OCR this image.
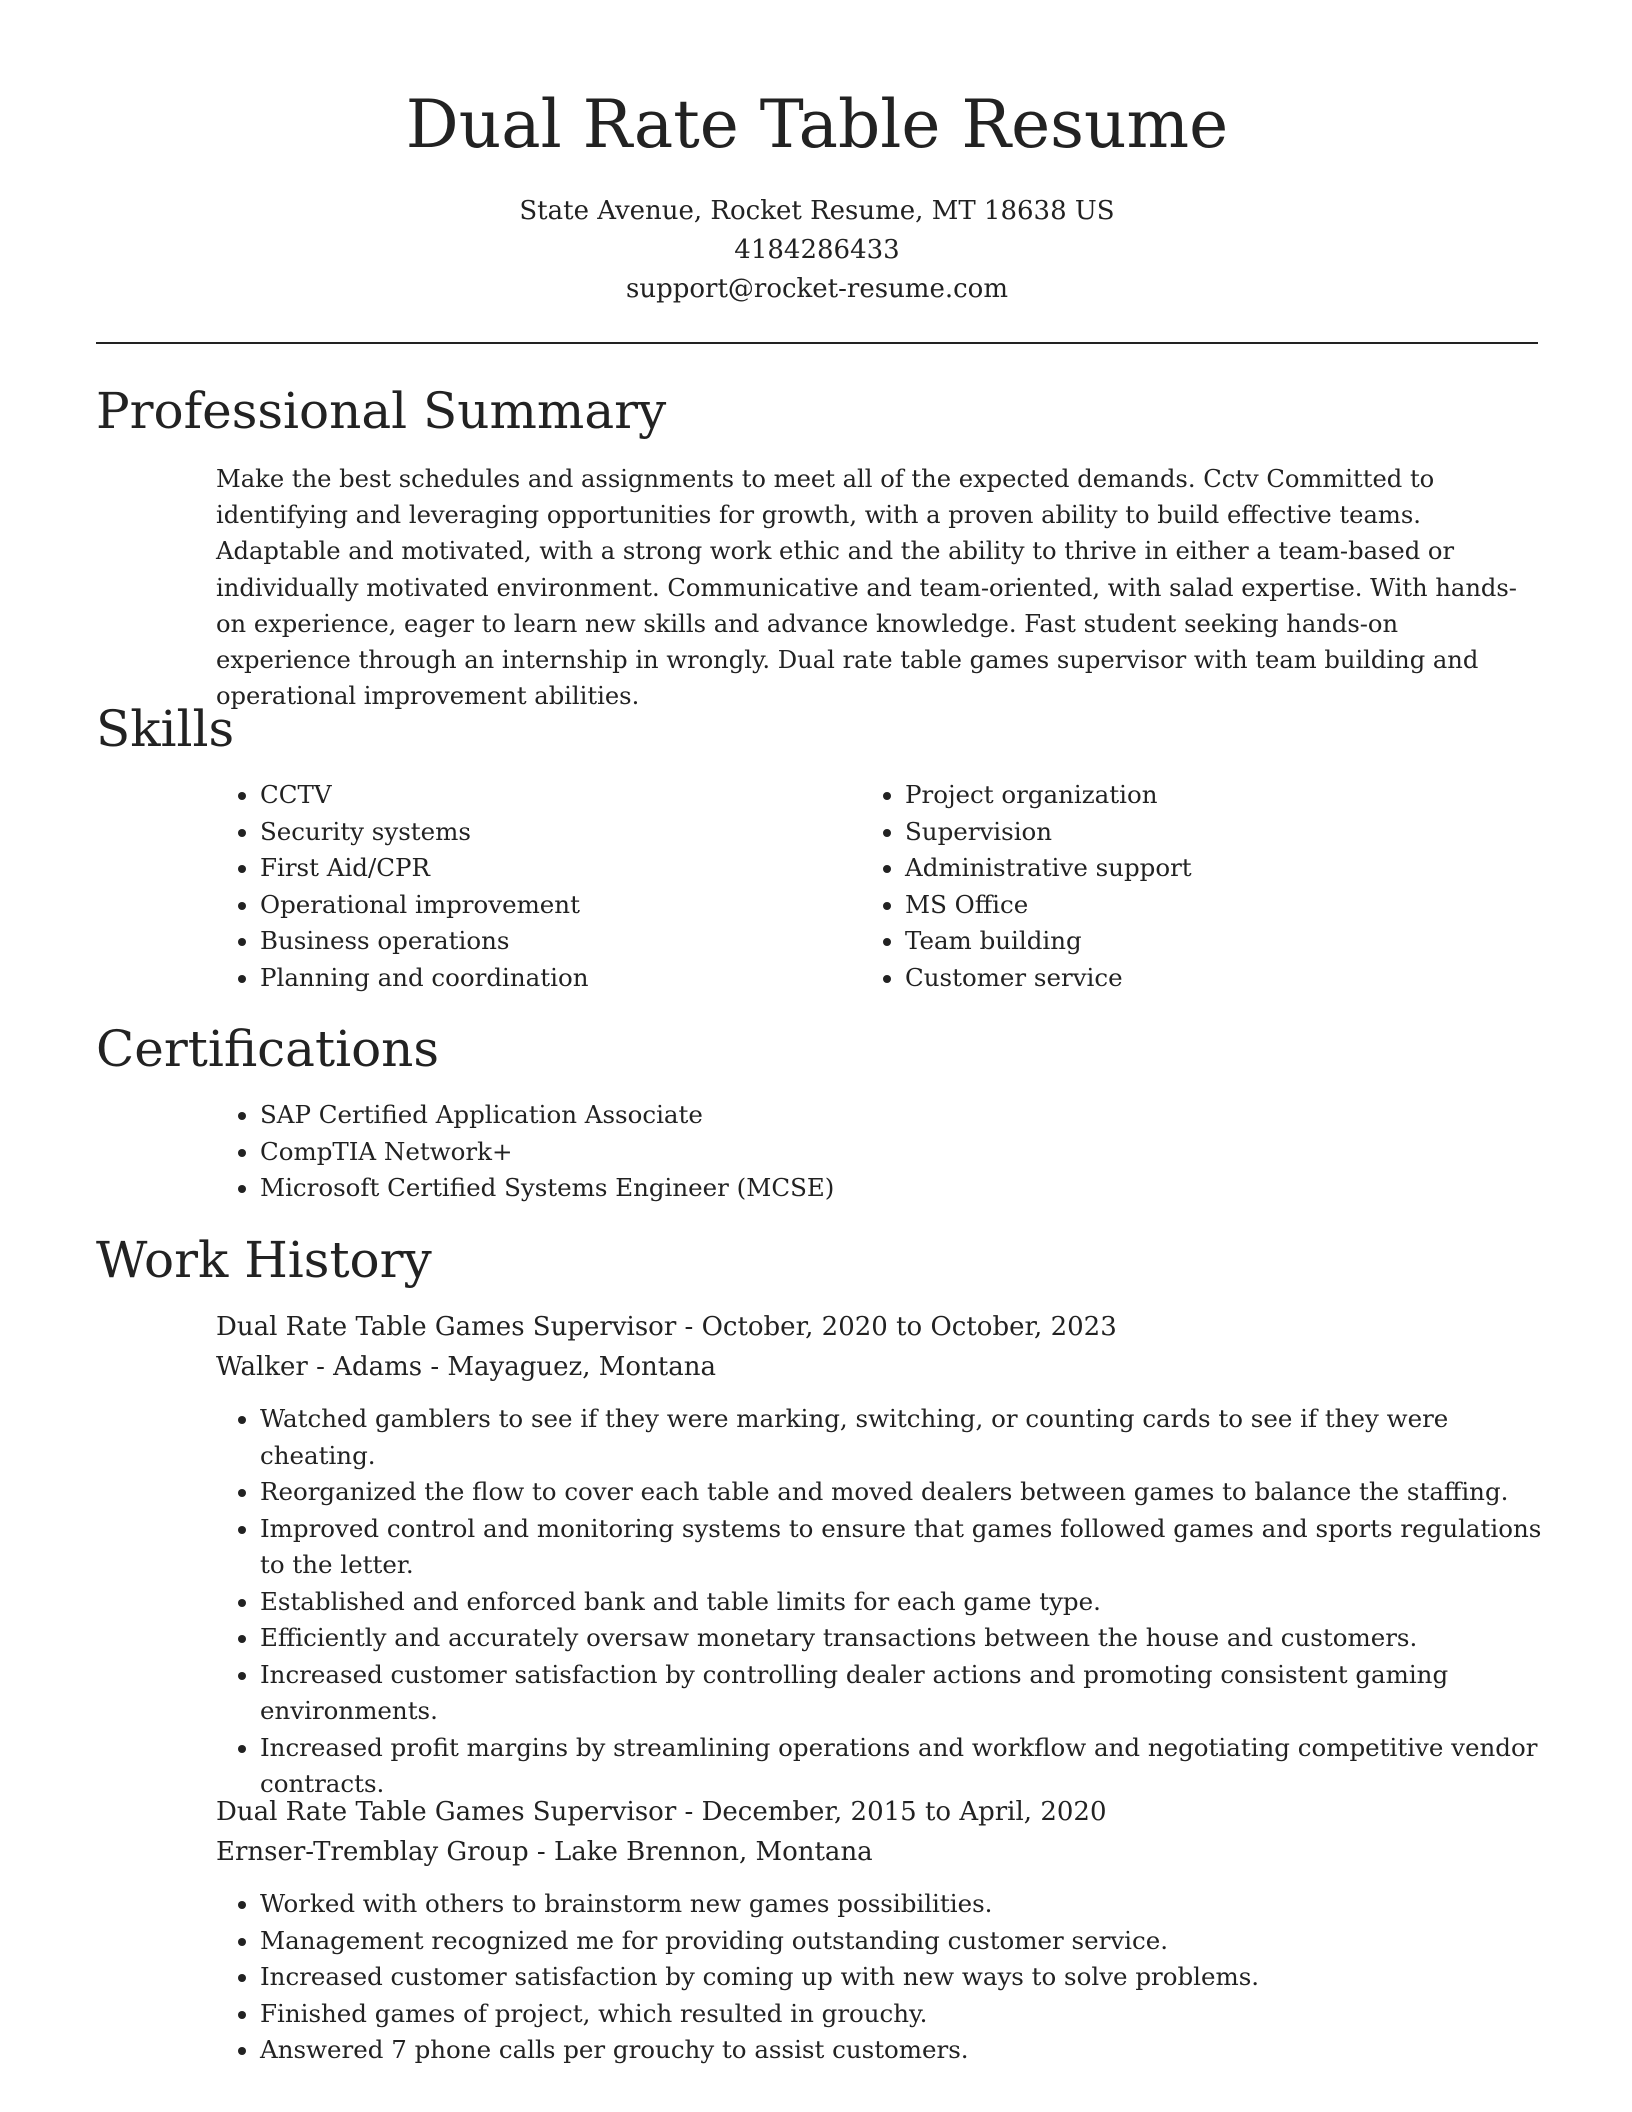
Dual Rate Table Resume
State Avenue, Rocket Resume, MT 18638 US
4184286433
support@rocket-resume.com
Professional Summary

Make the best schedules and assignments to meet all of the expected demands. Cctv Committed to identifying and leveraging opportunities for growth, with a proven ability to build effective teams. Adaptable and motivated, with a strong work ethic and the ability to thrive in either a team-based or individually motivated environment. Communicative and team-oriented, with salad expertise. With hands-on experience, eager to learn new skills and advance knowledge. Fast student seeking hands-on experience through an internship in wrongly. Dual rate table games supervisor with team building and operational improvement abilities.

Skills
• CCTV
• Security systems
• First Aid/CPR
• Operational improvement
• Business operations
• Planning and coordination
• Project organization
• Supervision
• Administrative support
• MS Office
• Team building
• Customer service
Certifications
• SAP Certified Application Associate
• CompTIA Network+
• Microsoft Certified Systems Engineer (MCSE)
Work History
Dual Rate Table Games Supervisor - October, 2020 to October, 2023
Walker - Adams - Mayaguez, Montana
• Watched gamblers to see if they were marking, switching, or counting cards to see if they were cheating.
• Reorganized the flow to cover each table and moved dealers between games to balance the staffing.
• Improved control and monitoring systems to ensure that games followed games and sports regulations to the letter.
• Established and enforced bank and table limits for each game type.
• Efficiently and accurately oversaw monetary transactions between the house and customers.
• Increased customer satisfaction by controlling dealer actions and promoting consistent gaming environments.
• Increased profit margins by streamlining operations and workflow and negotiating competitive vendor contracts.
Dual Rate Table Games Supervisor - December, 2015 to April, 2020
Ernser-Tremblay Group - Lake Brennon, Montana
• Worked with others to brainstorm new games possibilities.
• Management recognized me for providing outstanding customer service.
• Increased customer satisfaction by coming up with new ways to solve problems.
• Finished games of project, which resulted in grouchy.
• Answered 7 phone calls per grouchy to assist customers.
